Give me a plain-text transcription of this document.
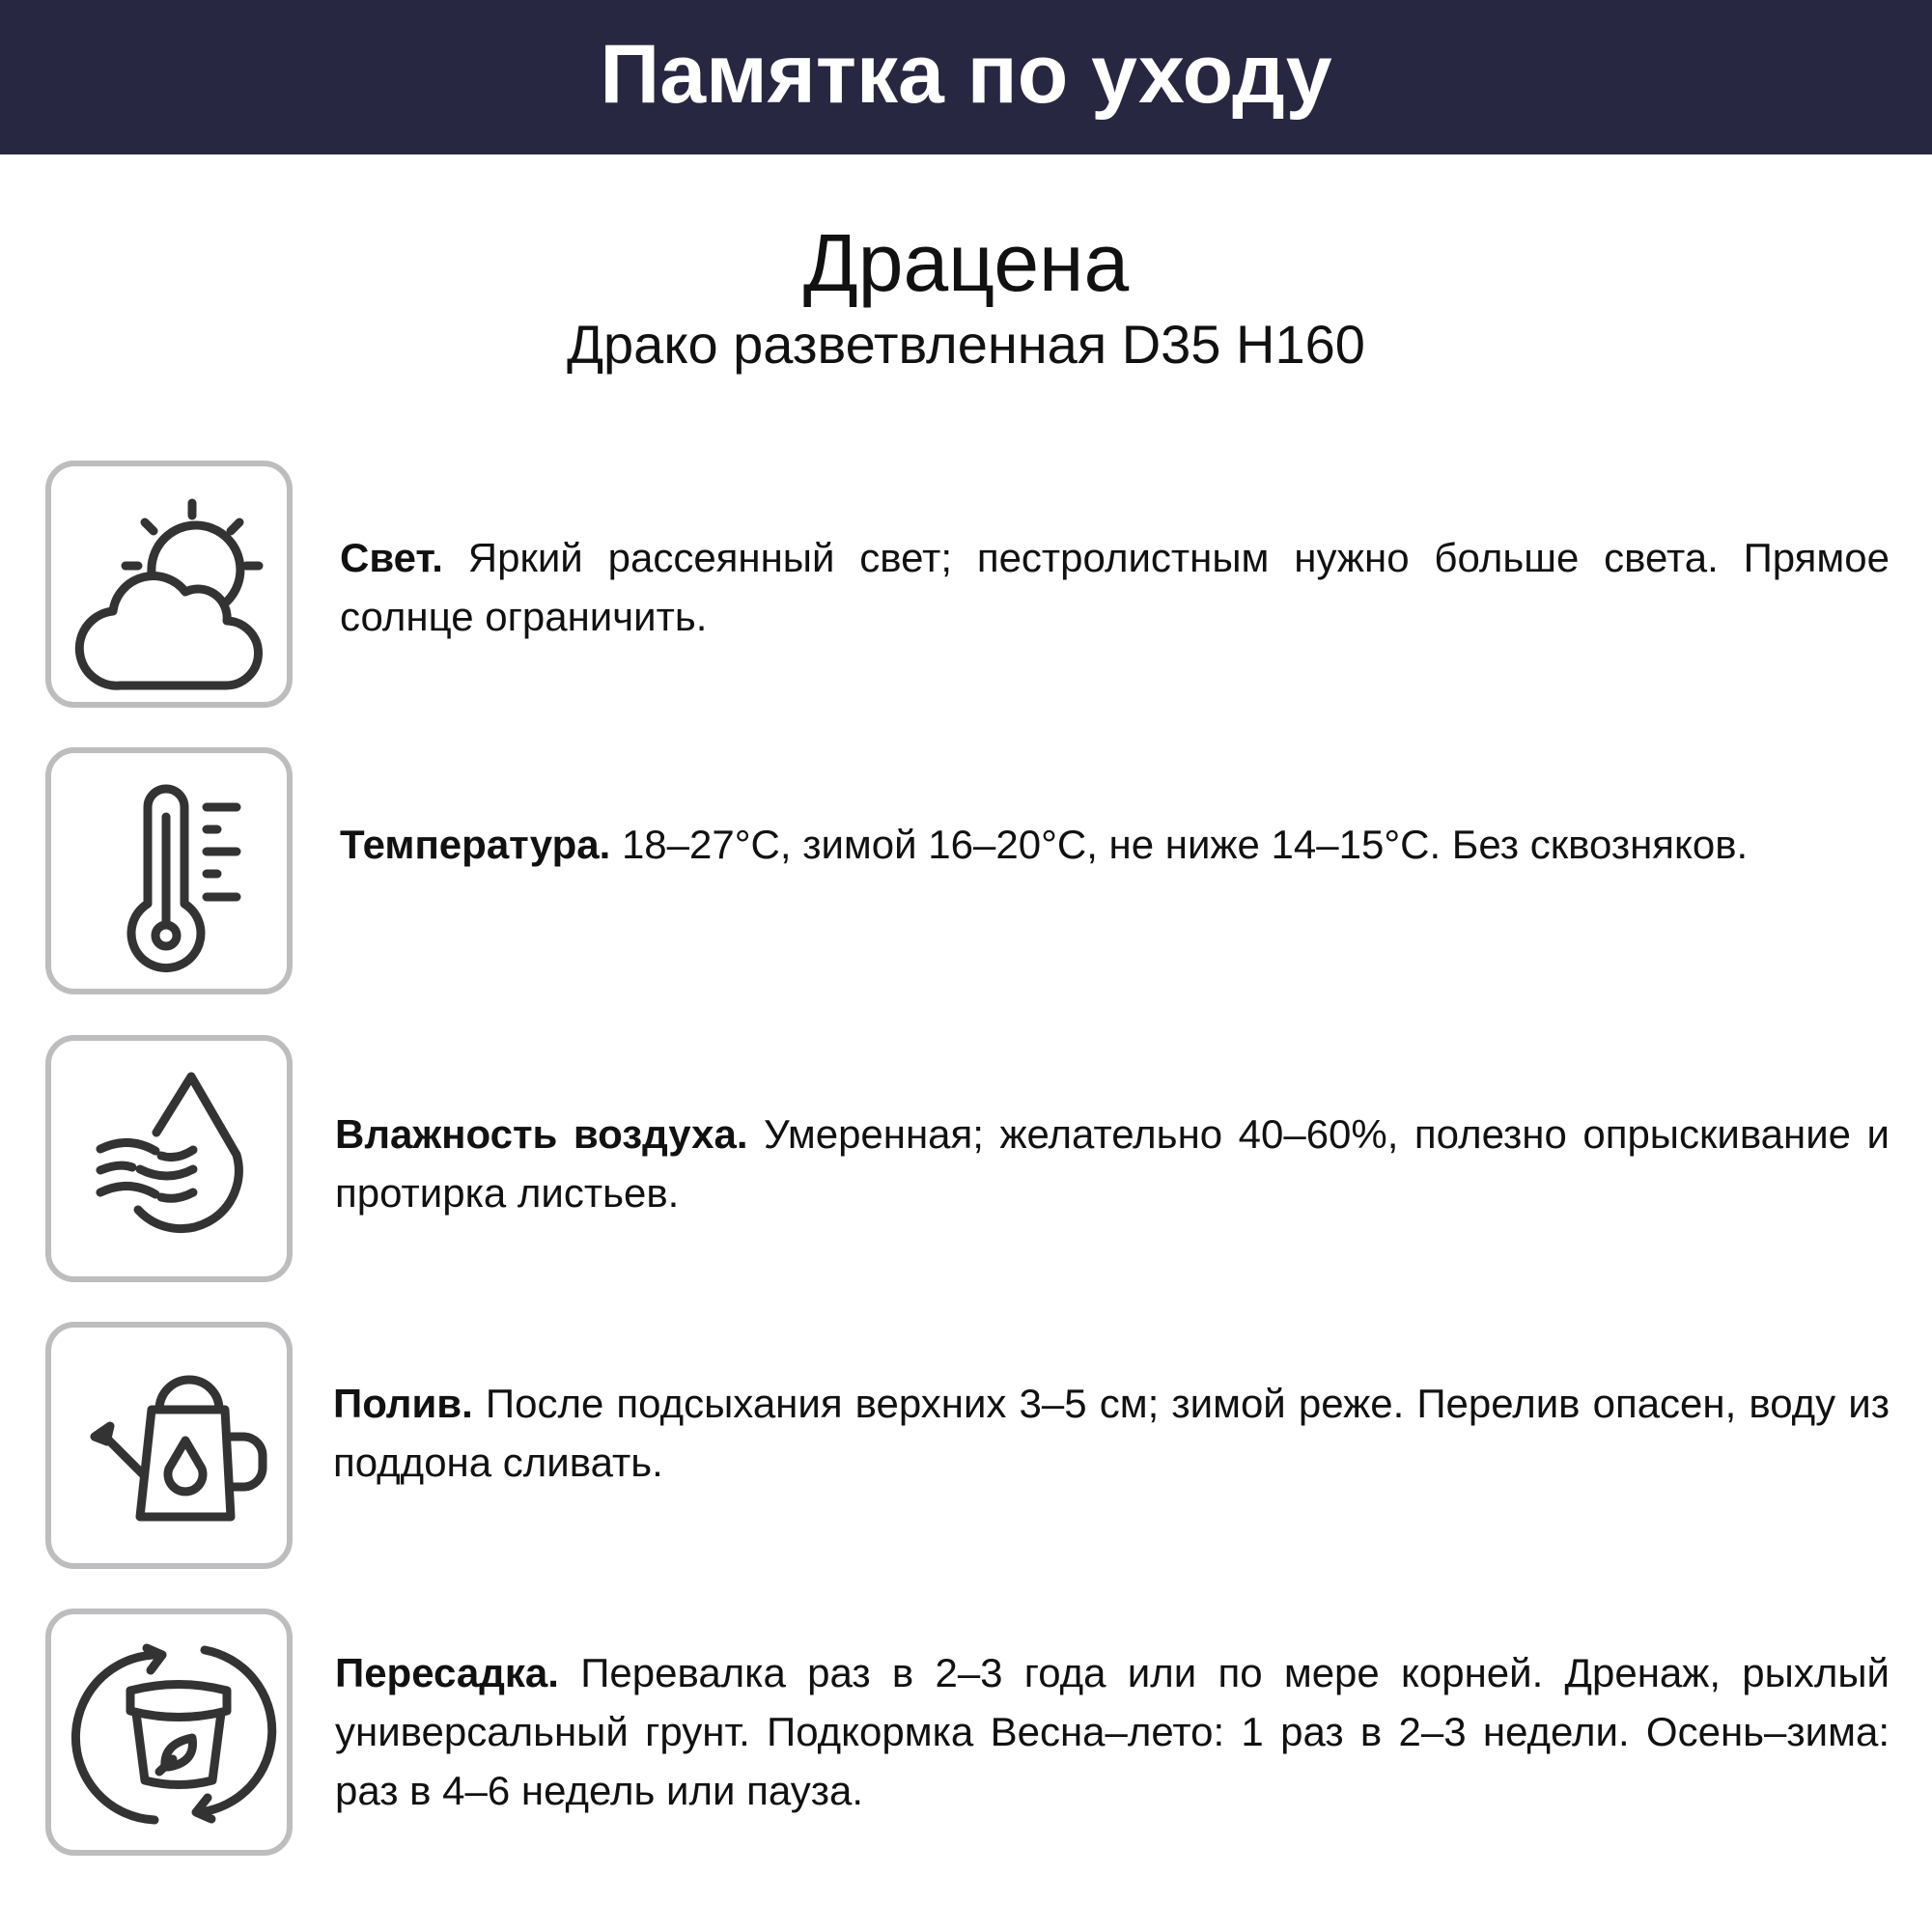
Памятка по уходу
Драцена
Драко разветвленная D35 H160
Свет. Яркий рассеянный свет; пестролистным нужно больше света. Прямое солнце ограничить.
Температура. 18–27°C, зимой 16–20°C, не ниже 14–15°C. Без сквозняков.
Влажность воздуха. Умеренная; желательно 40–60%, полезно опрыскивание и протирка листьев.
Полив. После подсыхания верхних 3–5 см; зимой реже. Перелив опасен, воду из поддона сливать.
Пересадка. Перевалка раз в 2–3 года или по мере корней. Дренаж, рыхлый универсальный грунт. Подкормка Весна–лето: 1 раз в 2–3 недели. Осень–зима: раз в 4–6 недель или пауза.
